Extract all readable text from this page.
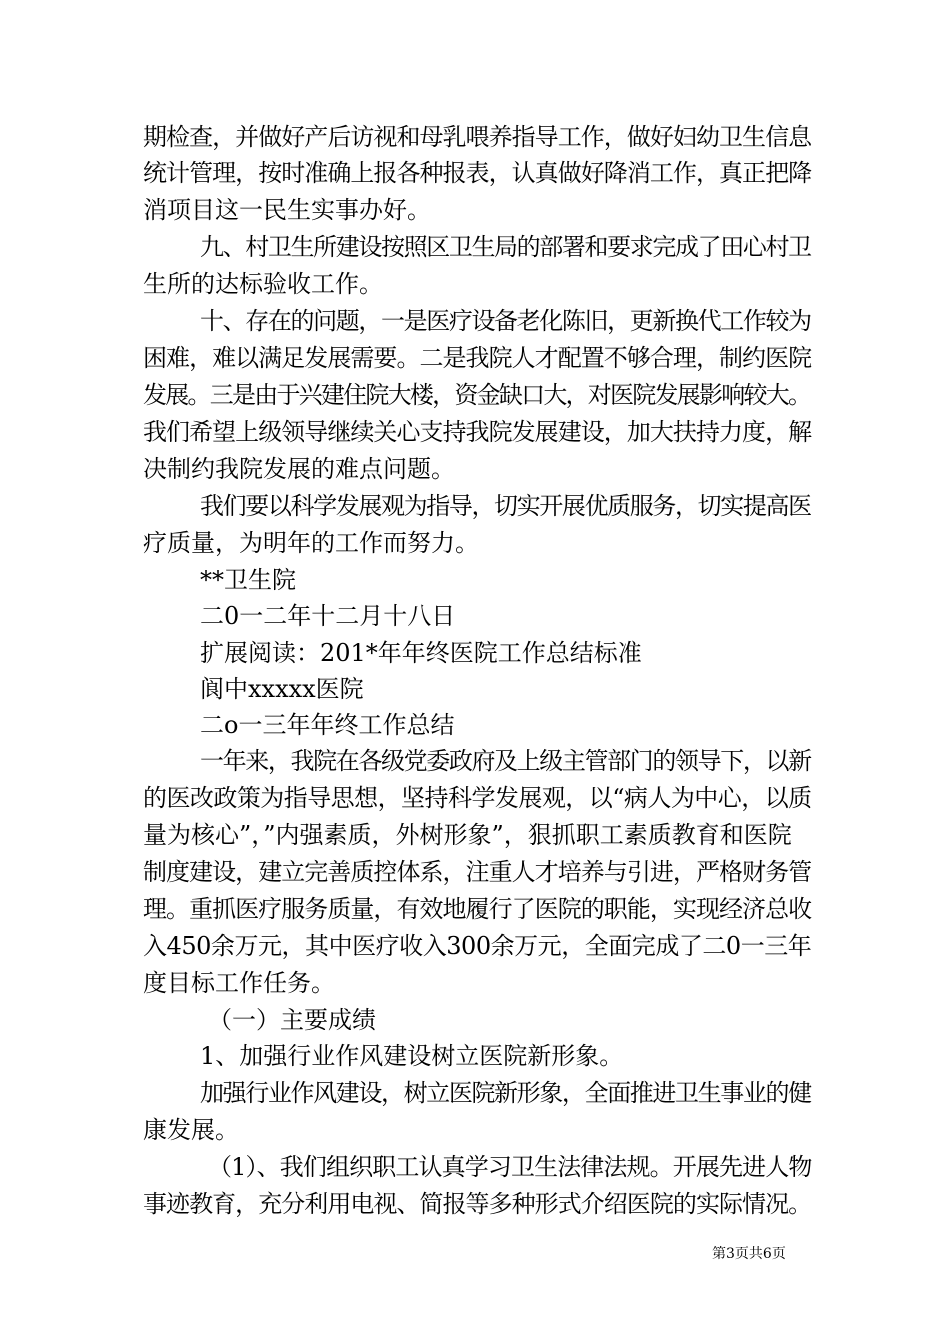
期检查，并做好产后访视和母乳喂养指导工作，做好妇幼卫生信息
统计管理，按时准确上报各种报表，认真做好降消工作，真正把降
消项目这一民生实事办好。
九、村卫生所建设按照区卫生局的部署和要求完成了田心村卫
生所的达标验收工作。
十、存在的问题，一是医疗设备老化陈旧，更新换代工作较为
困难，难以满足发展需要。二是我院人才配置不够合理，制约医院
发展。三是由于兴建住院大楼，资金缺口大，对医院发展影响较大。
我们希望上级领导继续关心支持我院发展建设，加大扶持力度，解
决制约我院发展的难点问题。
我们要以科学发展观为指导，切实开展优质服务，切实提高医
疗质量，为明年的工作而努力。
**卫生院
二0一二年十二月十八日
扩展阅读：201*年年终医院工作总结标准
阆中xxxxx医院
二o一三年年终工作总结
一年来，我院在各级党委政府及上级主管部门的领导下，以新
的医改政策为指导思想，坚持科学发展观，以“病人为中心，以质
量为核心”，”内强素质，外树形象”，狠抓职工素质教育和医院
制度建设，建立完善质控体系，注重人才培养与引进，严格财务管
理。重抓医疗服务质量，有效地履行了医院的职能，实现经济总收
入450余万元，其中医疗收入300余万元，全面完成了二0一三年
度目标工作任务。
（一）主要成绩
1、加强行业作风建设树立医院新形象。
加强行业作风建设，树立医院新形象，全面推进卫生事业的健
康发展。
（1）、我们组织职工认真学习卫生法律法规。开展先进人物
事迹教育，充分利用电视、简报等多种形式介绍医院的实际情况。
第3页共6页
